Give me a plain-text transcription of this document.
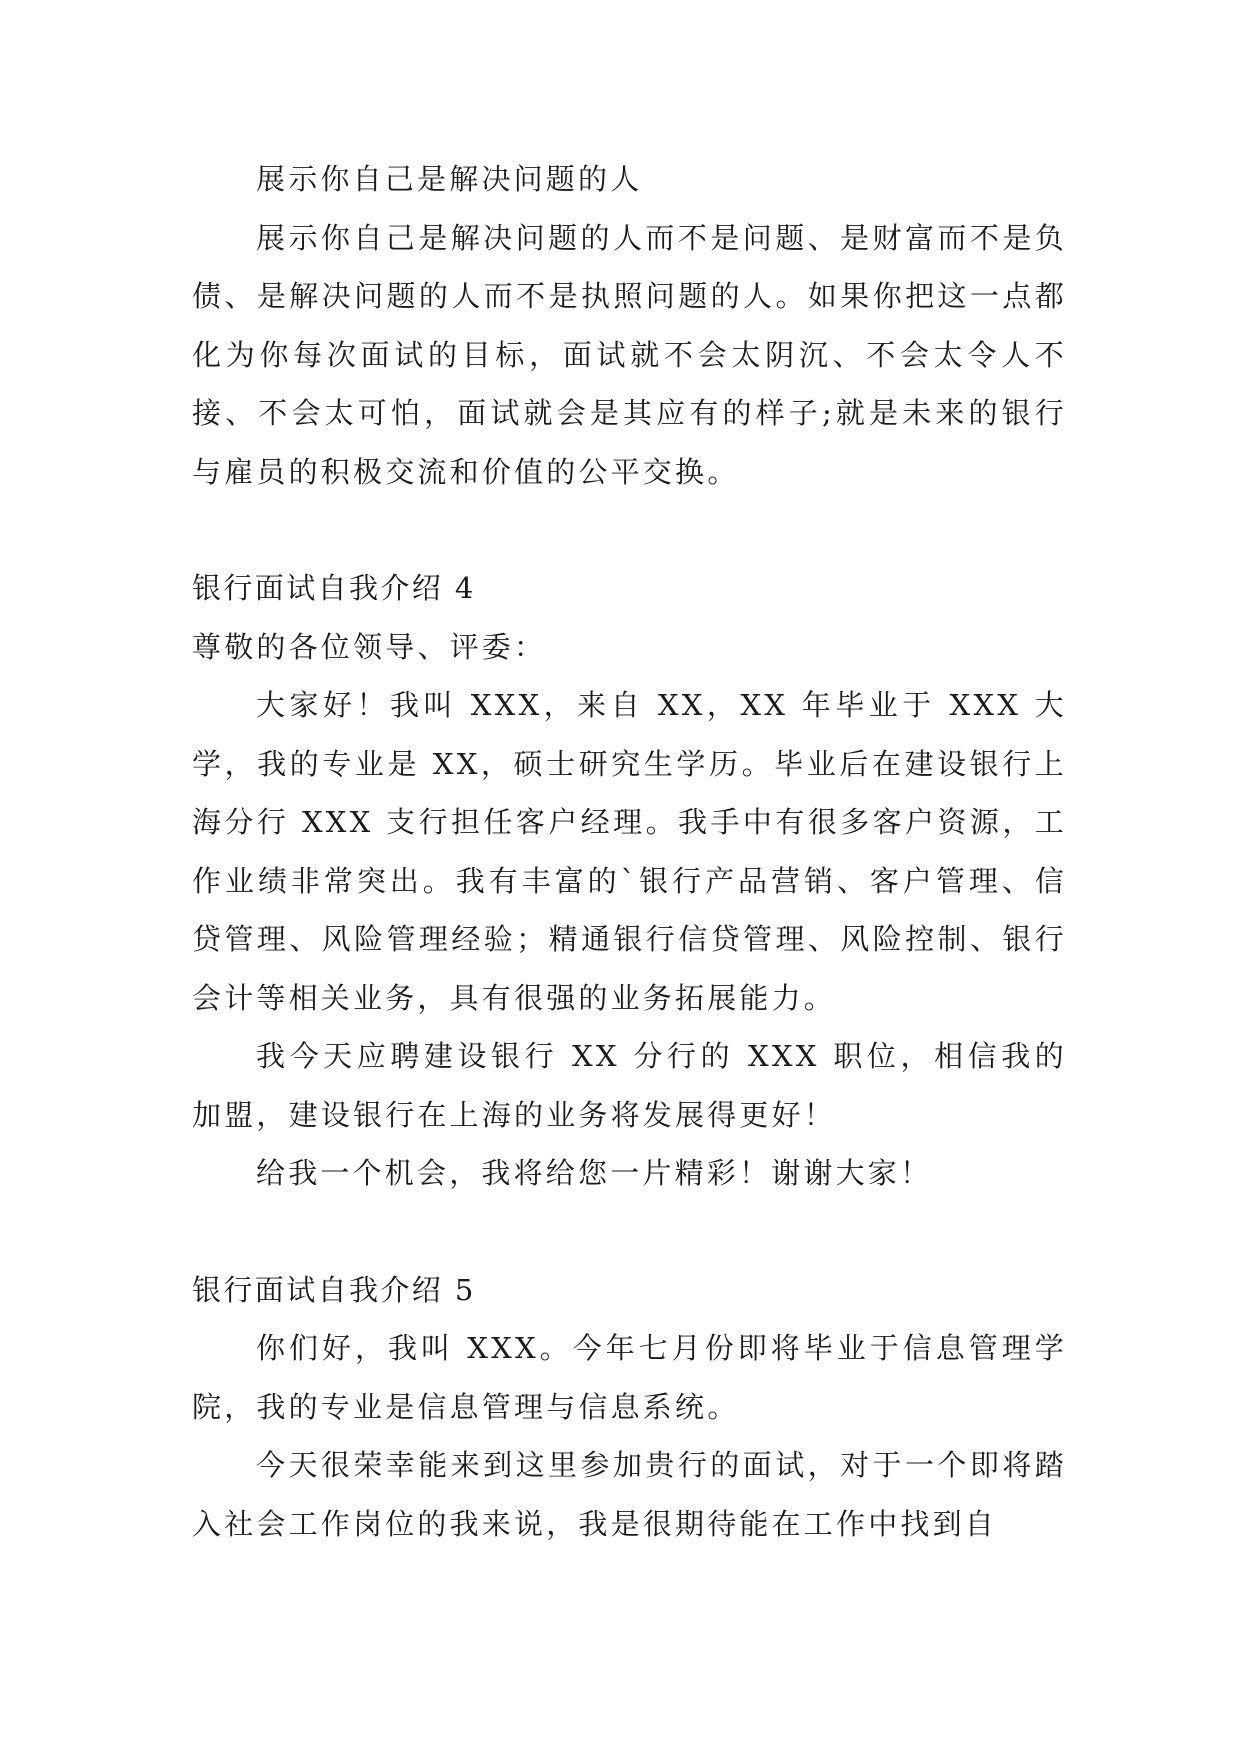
展示你自己是解决问题的人

展示你自己是解决问题的人而不是问题、是财富而不是负债、是解决问题的人而不是执照问题的人。如果你把这一点都化为你每次面试的目标，面试就不会太阴沉、不会太令人不接、不会太可怕，面试就会是其应有的样子;就是未来的银行与雇员的积极交流和价值的公平交换。

银行面试自我介绍 4

尊敬的各位领导、评委：

大家好！我叫 XXX，来自 XX，XX 年毕业于 XXX 大学，我的专业是 XX，硕士研究生学历。毕业后在建设银行上海分行 XXX 支行担任客户经理。我手中有很多客户资源，工作业绩非常突出。我有丰富的`银行产品营销、客户管理、信贷管理、风险管理经验；精通银行信贷管理、风险控制、银行会计等相关业务，具有很强的业务拓展能力。

我今天应聘建设银行 XX 分行的 XXX 职位，相信我的加盟，建设银行在上海的业务将发展得更好！

给我一个机会，我将给您一片精彩！谢谢大家！

银行面试自我介绍 5

你们好，我叫 XXX。今年七月份即将毕业于信息管理学院，我的专业是信息管理与信息系统。

今天很荣幸能来到这里参加贵行的面试，对于一个即将踏入社会工作岗位的我来说，我是很期待能在工作中找到自
